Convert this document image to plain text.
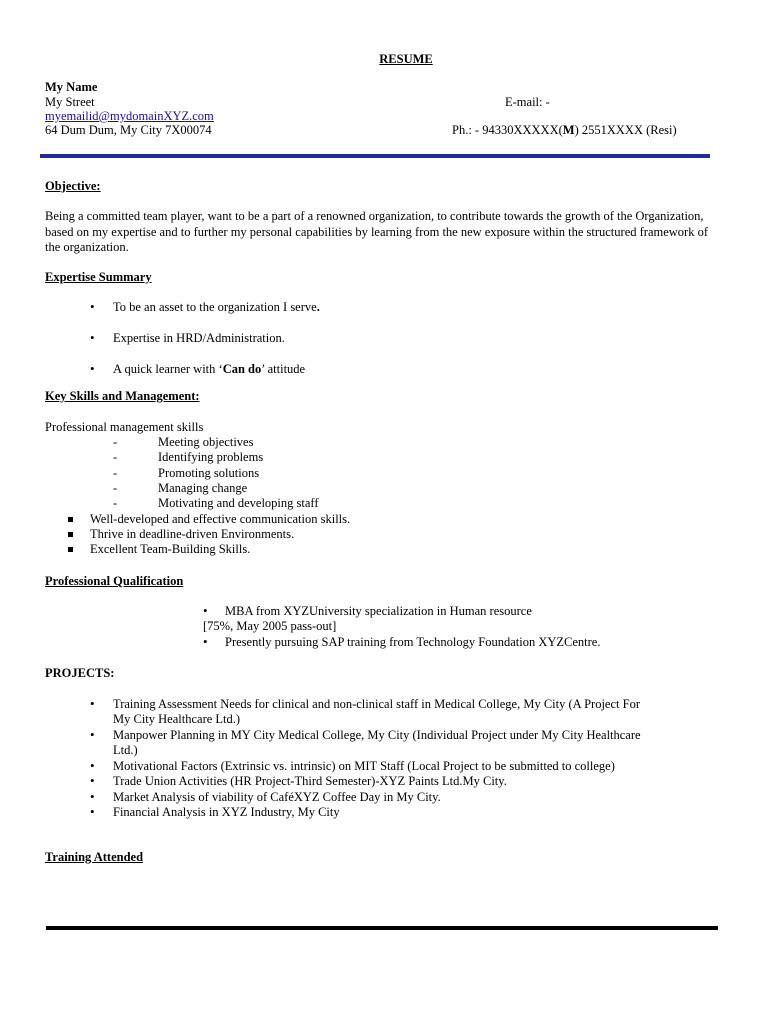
RESUME
My Name
My Street
myemailid@mydomainXYZ.com
64 Dum Dum, My City 7X00074
E-mail: -
Ph.: - 94330XXXXX(M) 2551XXXX (Resi)
Objective:
Being a committed team player, want to be a part of a renowned organization, to contribute towards the growth of the Organization, based on my expertise and to further my personal capabilities by learning from the new exposure within the structured framework of the organization.
Expertise Summary
• To be an asset to the organization I serve.
• Expertise in HRD/Administration.
• A quick learner with ‘Can do’ attitude
Key Skills and Management:
Professional management skills
-	Meeting objectives
-	Identifying problems
-	Promoting solutions
-	Managing change
-	Motivating and developing staff
Well-developed and effective communication skills.
Thrive in deadline-driven Environments.
Excellent Team-Building Skills.
Professional Qualification
• MBA from XYZUniversity specialization in Human resource
[75%, May 2005 pass-out]
• Presently pursuing SAP training from Technology Foundation XYZCentre.
PROJECTS:
• Training Assessment Needs for clinical and non-clinical staff in Medical College, My City (A Project For
My City Healthcare Ltd.)
• Manpower Planning in MY City Medical College, My City (Individual Project under My City Healthcare
Ltd.)
• Motivational Factors (Extrinsic vs. intrinsic) on MIT Staff (Local Project to be submitted to college)
• Trade Union Activities (HR Project-Third Semester)-XYZ Paints Ltd.My City.
• Market Analysis of viability of CaféXYZ Coffee Day in My City.
• Financial Analysis in XYZ Industry, My City
Training Attended
